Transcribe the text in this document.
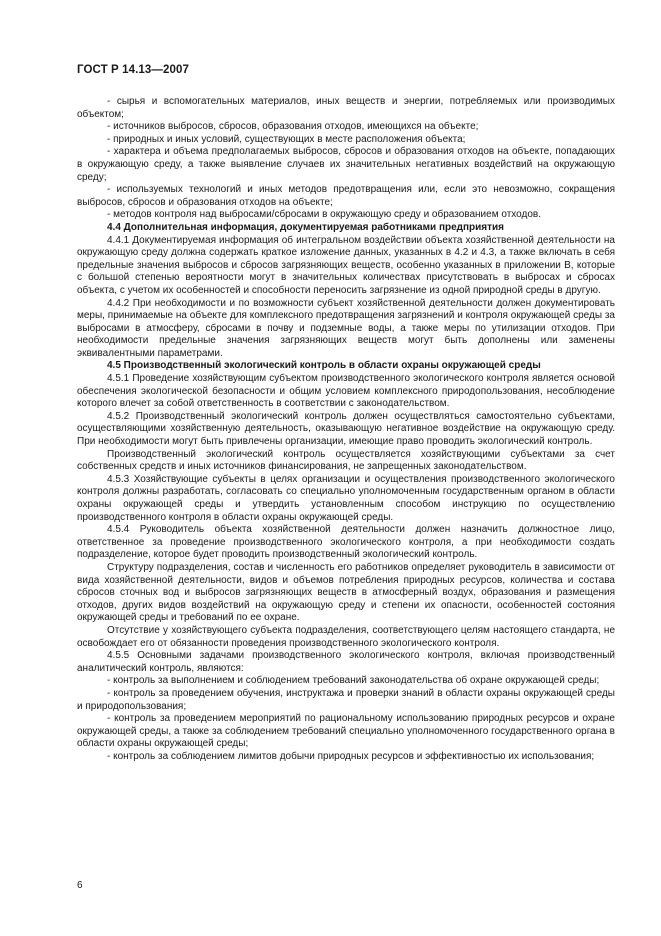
ГОСТ Р 14.13—2007

- сырья и вспомогательных материалов, иных веществ и энергии, потребляемых или производимых объектом;

- источников выбросов, сбросов, образования отходов, имеющихся на объекте;

- природных и иных условий, существующих в месте расположения объекта;

- характера и объема предполагаемых выбросов, сбросов и образования отходов на объекте, попадающих в окружающую среду, а также выявление случаев их значительных негативных воздействий на окружающую среду;

- используемых технологий и иных методов предотвращения или, если это невозможно, сокращения выбросов, сбросов и образования отходов на объекте;

- методов контроля над выбросами/сбросами в окружающую среду и образованием отходов.

4.4 Дополнительная информация, документируемая работниками предприятия

4.4.1 Документируемая информация об интегральном воздействии объекта хозяйственной деятельности на окружающую среду должна содержать краткое изложение данных, указанных в 4.2 и 4.3, а также включать в себя предельные значения выбросов и сбросов загрязняющих веществ, особенно указанных в приложении В, которые с большой степенью вероятности могут в значительных количествах присутствовать в выбросах и сбросах объекта, с учетом их особенностей и способности переносить загрязнение из одной природной среды в другую.

4.4.2 При необходимости и по возможности субъект хозяйственной деятельности должен документировать меры, принимаемые на объекте для комплексного предотвращения загрязнений и контроля окружающей среды за выбросами в атмосферу, сбросами в почву и подземные воды, а также меры по утилизации отходов. При необходимости предельные значения загрязняющих веществ могут быть дополнены или заменены эквивалентными параметрами.

4.5 Производственный экологический контроль в области охраны окружающей среды

4.5.1 Проведение хозяйствующим субъектом производственного экологического контроля является основой обеспечения экологической безопасности и общим условием комплексного природопользования, несоблюдение которого влечет за собой ответственность в соответствии с законодательством.

4.5.2 Производственный экологический контроль должен осуществляться самостоятельно субъектами, осуществляющими хозяйственную деятельность, оказывающую негативное воздействие на окружающую среду. При необходимости могут быть привлечены организации, имеющие право проводить экологический контроль.

Производственный экологический контроль осуществляется хозяйствующими субъектами за счет собственных средств и иных источников финансирования, не запрещенных законодательством.

4.5.3 Хозяйствующие субъекты в целях организации и осуществления производственного экологического контроля должны разработать, согласовать со специально уполномоченным государственным органом в области охраны окружающей среды и утвердить установленным способом инструкцию по осуществлению производственного контроля в области охраны окружающей среды.

4.5.4 Руководитель объекта хозяйственной деятельности должен назначить должностное лицо, ответственное за проведение производственного экологического контроля, а при необходимости создать подразделение, которое будет проводить производственный экологический контроль.

Структуру подразделения, состав и численность его работников определяет руководитель в зависимости от вида хозяйственной деятельности, видов и объемов потребления природных ресурсов, количества и состава сбросов сточных вод и выбросов загрязняющих веществ в атмосферный воздух, образования и размещения отходов, других видов воздействий на окружающую среду и степени их опасности, особенностей состояния окружающей среды и требований по ее охране.

Отсутствие у хозяйствующего субъекта подразделения, соответствующего целям настоящего стандарта, не освобождает его от обязанности проведения производственного экологического контроля.

4.5.5 Основными задачами производственного экологического контроля, включая производственный аналитический контроль, являются:

- контроль за выполнением и соблюдением требований законодательства об охране окружающей среды;

- контроль за проведением обучения, инструктажа и проверки знаний в области охраны окружающей среды и природопользования;

- контроль за проведением мероприятий по рациональному использованию природных ресурсов и охране окружающей среды, а также за соблюдением требований специально уполномоченного государственного органа в области охраны окружающей среды;

- контроль за соблюдением лимитов добычи природных ресурсов и эффективностью их использования;

6
